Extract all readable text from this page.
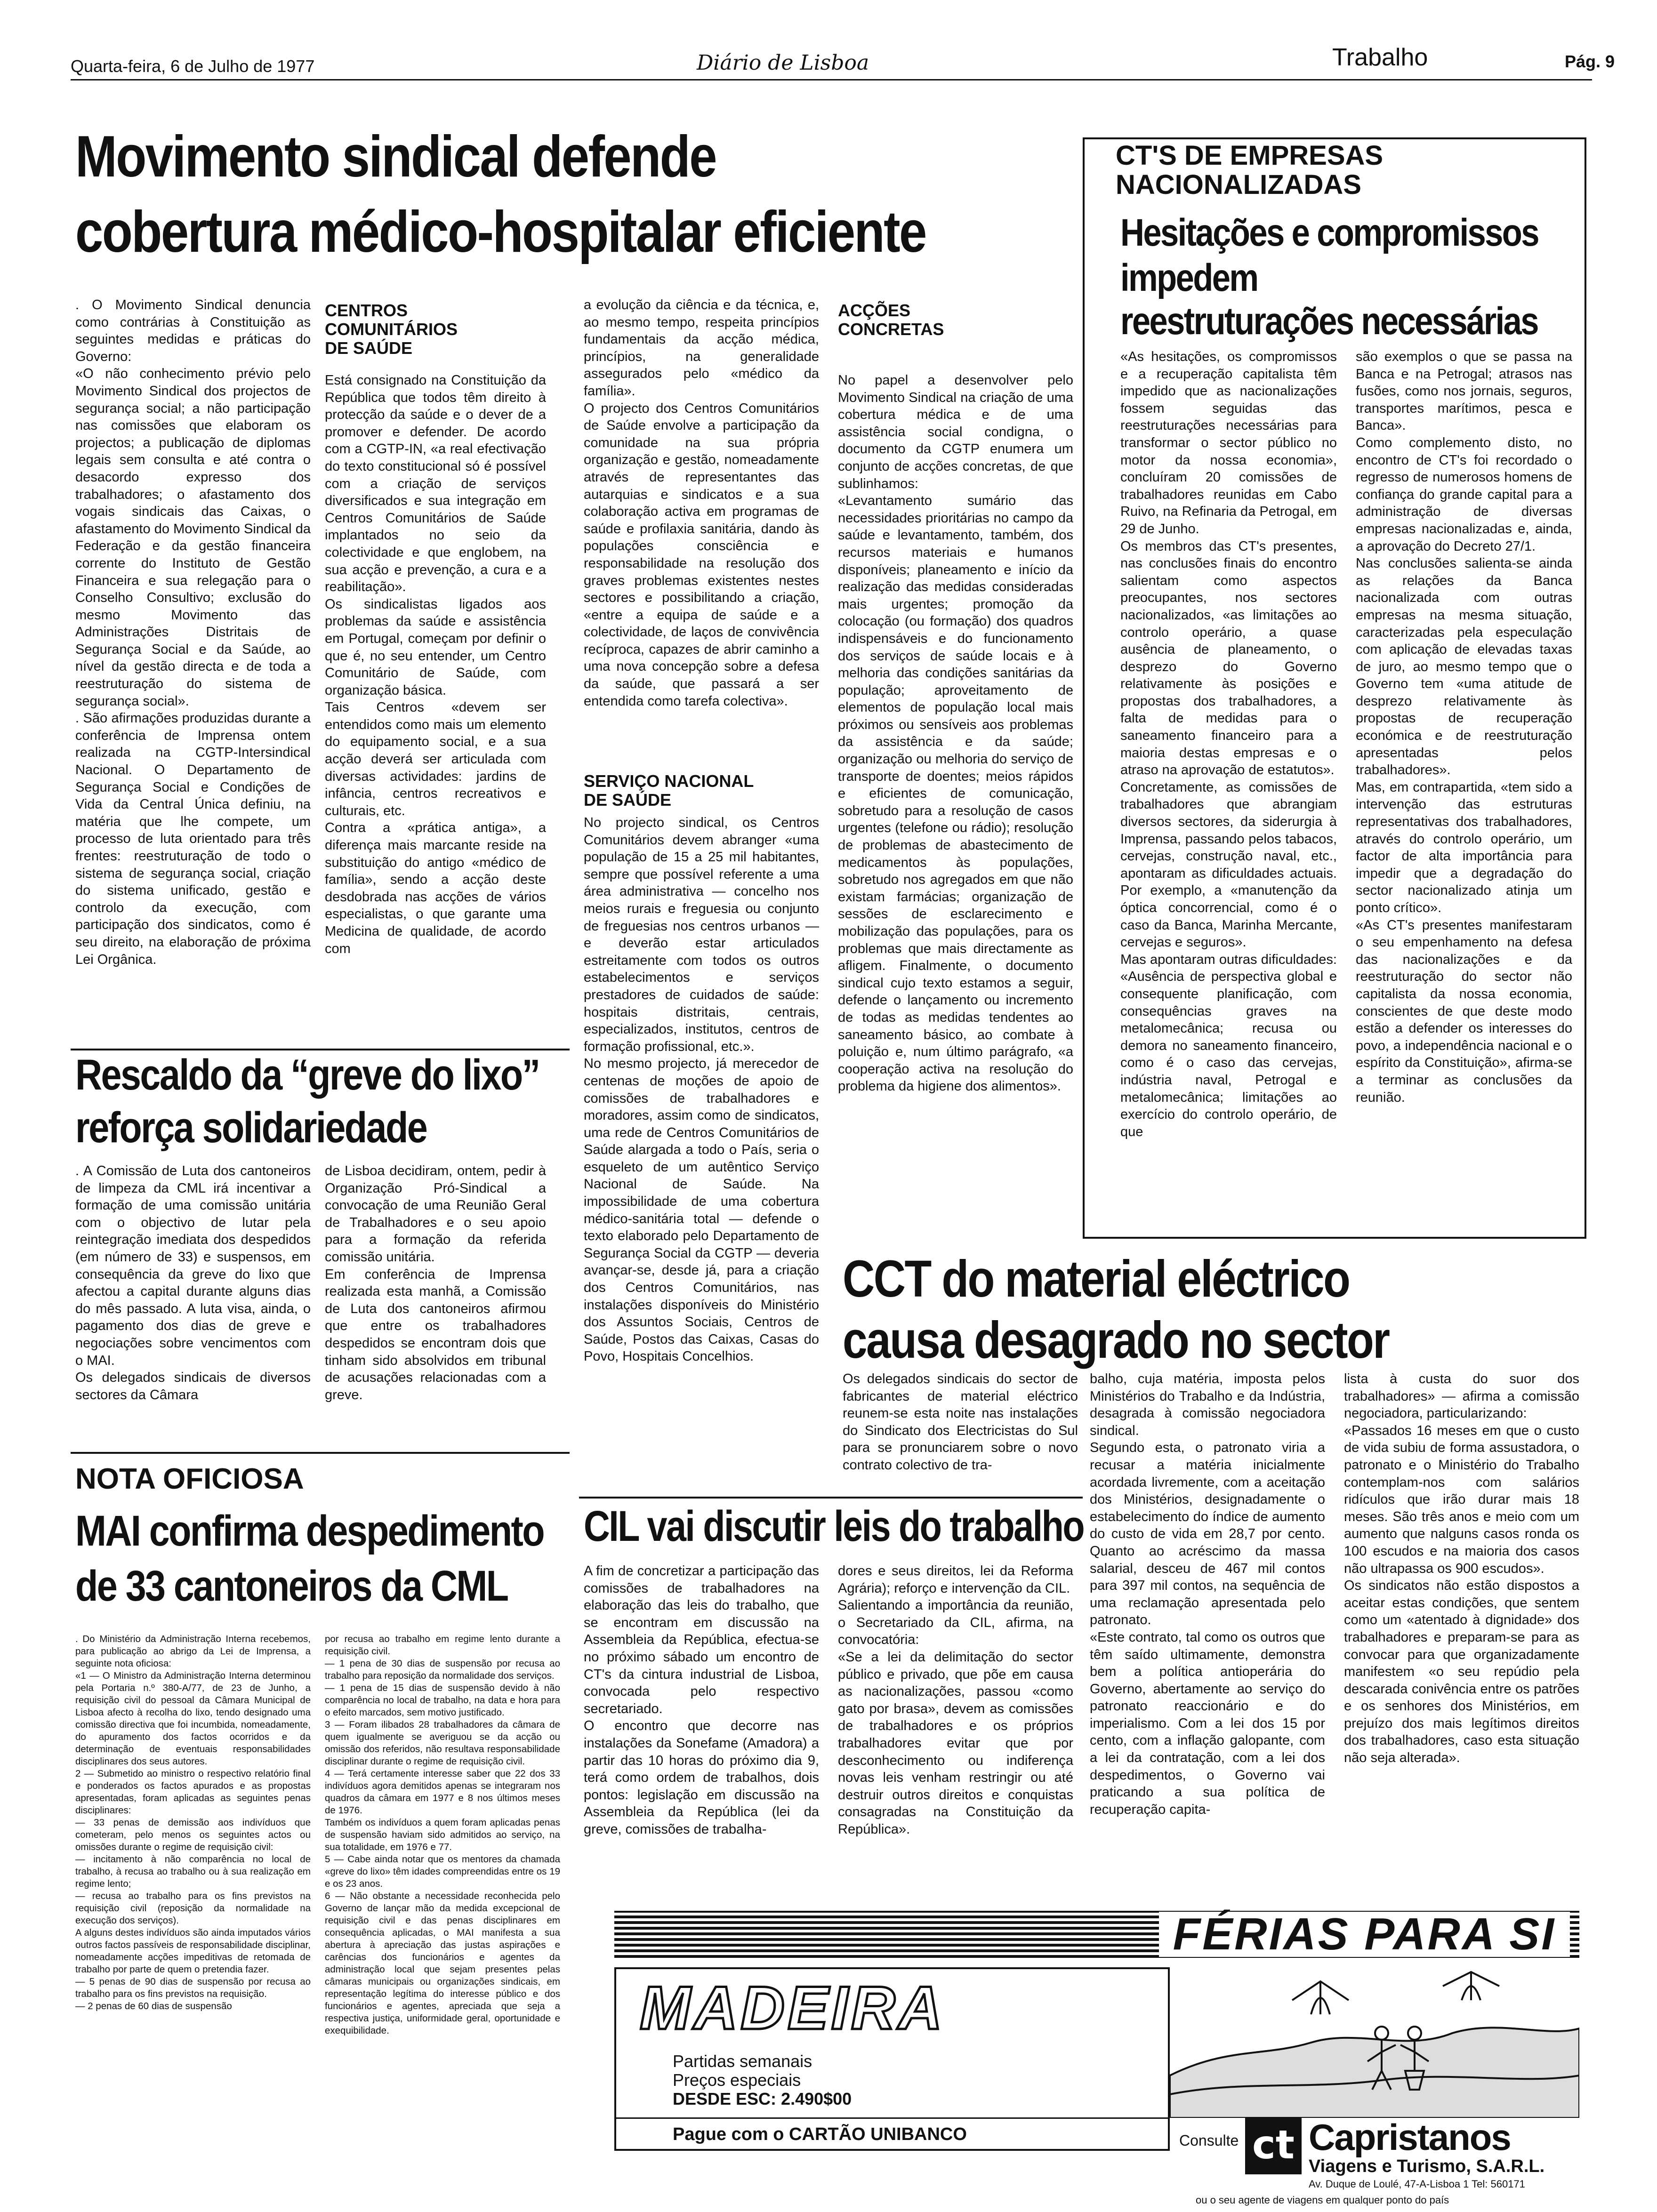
Quarta-feira, 6 de Julho de 1977	Diário de Lisboa	Trabalho	Pág. 9
Movimento sindical defende
cobertura médico-hospitalar eficiente
. O Movimento Sindical denuncia como contrárias à Constituição as seguintes medidas e práticas do Governo:
«O não conhecimento prévio pelo Movimento Sindical dos projectos de segurança social; a não participação nas comissões que elaboram os projectos; a publicação de diplomas legais sem consulta e até contra o desacordo expresso dos trabalhadores; o afastamento dos vogais sindicais das Caixas, o afastamento do Movimento Sindical da Federação e da gestão financeira corrente do Instituto de Gestão Financeira e sua relegação para o Conselho Consultivo; exclusão do mesmo Movimento das Administrações Distritais de Segurança Social e da Saúde, ao nível da gestão directa e de toda a reestruturação do sistema de segurança social».
. São afirmações produzidas durante a conferência de Imprensa ontem realizada na CGTP-Intersindical Nacional. O Departamento de Segurança Social e Condições de Vida da Central Única definiu, na matéria que lhe compete, um processo de luta orientado para três frentes: reestruturação de todo o sistema de segurança social, criação do sistema unificado, gestão e controlo da execução, com participação dos sindicatos, como é seu direito, na elaboração de próxima Lei Orgânica.
CENTROS
COMUNITÁRIOS
DE SAÚDE
Está consignado na Constituição da República que todos têm direito à protecção da saúde e o dever de a promover e defender. De acordo com a CGTP-IN, «a real efectivação do texto constitucional só é possível com a criação de serviços diversificados e sua integração em Centros Comunitários de Saúde implantados no seio da colectividade e que englobem, na sua acção e prevenção, a cura e a reabilitação».
Os sindicalistas ligados aos problemas da saúde e assistência em Portugal, começam por definir o que é, no seu entender, um Centro Comunitário de Saúde, com organização básica.
Tais Centros «devem ser entendidos como mais um elemento do equipamento social, e a sua acção deverá ser articulada com diversas actividades: jardins de infância, centros recreativos e culturais, etc.
Contra a «prática antiga», a diferença mais marcante reside na substituição do antigo «médico de família», sendo a acção deste desdobrada nas acções de vários especialistas, o que garante uma Medicina de qualidade, de acordo com
a evolução da ciência e da técnica, e, ao mesmo tempo, respeita princípios fundamentais da acção médica, princípios, na generalidade assegurados pelo «médico da família».
O projecto dos Centros Comunitários de Saúde envolve a participação da comunidade na sua própria organização e gestão, nomeadamente através de representantes das autarquias e sindicatos e a sua colaboração activa em programas de saúde e profilaxia sanitária, dando às populações consciência e responsabilidade na resolução dos graves problemas existentes nestes sectores e possibilitando a criação, «entre a equipa de saúde e a colectividade, de laços de convivência recíproca, capazes de abrir caminho a uma nova concepção sobre a defesa da saúde, que passará a ser entendida como tarefa colectiva».
SERVIÇO NACIONAL
DE SAÚDE
No projecto sindical, os Centros Comunitários devem abranger «uma população de 15 a 25 mil habitantes, sempre que possível referente a uma área administrativa — concelho nos meios rurais e freguesia ou conjunto de freguesias nos centros urbanos — e deverão estar articulados estreitamente com todos os outros estabelecimentos e serviços prestadores de cuidados de saúde: hospitais distritais, centrais, especializados, institutos, centros de formação profissional, etc.».
No mesmo projecto, já merecedor de centenas de moções de apoio de comissões de trabalhadores e moradores, assim como de sindicatos, uma rede de Centros Comunitários de Saúde alargada a todo o País, seria o esqueleto de um autêntico Serviço Nacional de Saúde. Na impossibilidade de uma cobertura médico-sanitária total — defende o texto elaborado pelo Departamento de Segurança Social da CGTP — deveria avançar-se, desde já, para a criação dos Centros Comunitários, nas instalações disponíveis do Ministério dos Assuntos Sociais, Centros de Saúde, Postos das Caixas, Casas do Povo, Hospitais Concelhios.
ACÇÕES
CONCRETAS
No papel a desenvolver pelo Movimento Sindical na criação de uma cobertura médica e de uma assistência social condigna, o documento da CGTP enumera um conjunto de acções concretas, de que sublinhamos:
«Levantamento sumário das necessidades prioritárias no campo da saúde e levantamento, também, dos recursos materiais e humanos disponíveis; planeamento e início da realização das medidas consideradas mais urgentes; promoção da colocação (ou formação) dos quadros indispensáveis e do funcionamento dos serviços de saúde locais e à melhoria das condições sanitárias da população; aproveitamento de elementos de população local mais próximos ou sensíveis aos problemas da assistência e da saúde; organização ou melhoria do serviço de transporte de doentes; meios rápidos e eficientes de comunicação, sobretudo para a resolução de casos urgentes (telefone ou rádio); resolução de problemas de abastecimento de medicamentos às populações, sobretudo nos agregados em que não existam farmácias; organização de sessões de esclarecimento e mobilização das populações, para os problemas que mais directamente as afligem. Finalmente, o documento sindical cujo texto estamos a seguir, defende o lançamento ou incremento de todas as medidas tendentes ao saneamento básico, ao combate à poluição e, num último parágrafo, «a cooperação activa na resolução do problema da higiene dos alimentos».
CT'S DE EMPRESAS
NACIONALIZADAS
Hesitações e compromissos
impedem
reestruturações necessárias
«As hesitações, os compromissos e a recuperação capitalista têm impedido que as nacionalizações fossem seguidas das reestruturações necessárias para transformar o sector público no motor da nossa economia», concluíram 20 comissões de trabalhadores reunidas em Cabo Ruivo, na Refinaria da Petrogal, em 29 de Junho.
Os membros das CT's presentes, nas conclusões finais do encontro salientam como aspectos preocupantes, nos sectores nacionalizados, «as limitações ao controlo operário, a quase ausência de planeamento, o desprezo do Governo relativamente às posições e propostas dos trabalhadores, a falta de medidas para o saneamento financeiro para a maioria destas empresas e o atraso na aprovação de estatutos».
Concretamente, as comissões de trabalhadores que abrangiam diversos sectores, da siderurgia à Imprensa, passando pelos tabacos, cervejas, construção naval, etc., apontaram as dificuldades actuais. Por exemplo, a «manutenção da óptica concorrencial, como é o caso da Banca, Marinha Mercante, cervejas e seguros».
Mas apontaram outras dificuldades: «Ausência de perspectiva global e consequente planificação, com consequências graves na metalomecânica; recusa ou demora no saneamento financeiro, como é o caso das cervejas, indústria naval, Petrogal e metalomecânica; limitações ao exercício do controlo operário, de que
são exemplos o que se passa na Banca e na Petrogal; atrasos nas fusões, como nos jornais, seguros, transportes marítimos, pesca e Banca».
Como complemento disto, no encontro de CT's foi recordado o regresso de numerosos homens de confiança do grande capital para a administração de diversas empresas nacionalizadas e, ainda, a aprovação do Decreto 27/1.
Nas conclusões salienta-se ainda as relações da Banca nacionalizada com outras empresas na mesma situação, caracterizadas pela especulação com aplicação de elevadas taxas de juro, ao mesmo tempo que o Governo tem «uma atitude de desprezo relativamente às propostas de recuperação económica e de reestruturação apresentadas pelos trabalhadores».
Mas, em contrapartida, «tem sido a intervenção das estruturas representativas dos trabalhadores, através do controlo operário, um factor de alta importância para impedir que a degradação do sector nacionalizado atinja um ponto crítico».
«As CT's presentes manifestaram o seu empenhamento na defesa das nacionalizações e da reestruturação do sector não capitalista da nossa economia, conscientes de que deste modo estão a defender os interesses do povo, a independência nacional e o espírito da Constituição», afirma-se a terminar as conclusões da reunião.
Rescaldo da “greve do lixo”
reforça solidariedade
. A Comissão de Luta dos cantoneiros de limpeza da CML irá incentivar a formação de uma comissão unitária com o objectivo de lutar pela reintegração imediata dos despedidos (em número de 33) e suspensos, em consequência da greve do lixo que afectou a capital durante alguns dias do mês passado. A luta visa, ainda, o pagamento dos dias de greve e negociações sobre vencimentos com o MAI.
Os delegados sindicais de diversos sectores da Câmara
de Lisboa decidiram, ontem, pedir à Organização Pró-Sindical a convocação de uma Reunião Geral de Trabalhadores e o seu apoio para a formação da referida comissão unitária.
Em conferência de Imprensa realizada esta manhã, a Comissão de Luta dos cantoneiros afirmou que entre os trabalhadores despedidos se encontram dois que tinham sido absolvidos em tribunal de acusações relacionadas com a greve.
NOTA OFICIOSA
MAI confirma despedimento
de 33 cantoneiros da CML
. Do Ministério da Administração Interna recebemos, para publicação ao abrigo da Lei de Imprensa, a seguinte nota oficiosa:
«1 — O Ministro da Administração Interna determinou pela Portaria n.º 380-A/77, de 23 de Junho, a requisição civil do pessoal da Câmara Municipal de Lisboa afecto à recolha do lixo, tendo designado uma comissão directiva que foi incumbida, nomeadamente, do apuramento dos factos ocorridos e da determinação de eventuais responsabilidades disciplinares dos seus autores.
2 — Submetido ao ministro o respectivo relatório final e ponderados os factos apurados e as propostas apresentadas, foram aplicadas as seguintes penas disciplinares:
— 33 penas de demissão aos indivíduos que cometeram, pelo menos os seguintes actos ou omissões durante o regime de requisição civil:
— incitamento à não comparência no local de trabalho, à recusa ao trabalho ou à sua realização em regime lento;
— recusa ao trabalho para os fins previstos na requisição civil (reposição da normalidade na execução dos serviços).
A alguns destes indivíduos são ainda imputados vários outros factos passíveis de responsabilidade disciplinar, nomeadamente acções impeditivas de retomada de trabalho por parte de quem o pretendia fazer.
— 5 penas de 90 dias de suspensão por recusa ao trabalho para os fins previstos na requisição.
— 2 penas de 60 dias de suspensão
por recusa ao trabalho em regime lento durante a requisição civil.
— 1 pena de 30 dias de suspensão por recusa ao trabalho para reposição da normalidade dos serviços.
— 1 pena de 15 dias de suspensão devido à não comparência no local de trabalho, na data e hora para o efeito marcados, sem motivo justificado.
3 — Foram ilibados 28 trabalhadores da câmara de quem igualmente se averiguou se da acção ou omissão dos referidos, não resultava responsabilidade disciplinar durante o regime de requisição civil.
4 — Terá certamente interesse saber que 22 dos 33 indivíduos agora demitidos apenas se integraram nos quadros da câmara em 1977 e 8 nos últimos meses de 1976.
Também os indivíduos a quem foram aplicadas penas de suspensão haviam sido admitidos ao serviço, na sua totalidade, em 1976 e 77.
5 — Cabe ainda notar que os mentores da chamada «greve do lixo» têm idades compreendidas entre os 19 e os 23 anos.
6 — Não obstante a necessidade reconhecida pelo Governo de lançar mão da medida excepcional de requisição civil e das penas disciplinares em consequência aplicadas, o MAI manifesta a sua abertura à apreciação das justas aspirações e carências dos funcionários e agentes da administração local que sejam presentes pelas câmaras municipais ou organizações sindicais, em representação legítima do interesse público e dos funcionários e agentes, apreciada que seja a respectiva justiça, uniformidade geral, oportunidade e exequibilidade.
CCT do material eléctrico
causa desagrado no sector
Os delegados sindicais do sector de fabricantes de material eléctrico reunem-se esta noite nas instalações do Sindicato dos Electricistas do Sul para se pronunciarem sobre o novo contrato colectivo de tra-
balho, cuja matéria, imposta pelos Ministérios do Trabalho e da Indústria, desagrada à comissão negociadora sindical.
Segundo esta, o patronato viria a recusar a matéria inicialmente acordada livremente, com a aceitação dos Ministérios, designadamente o estabelecimento do índice de aumento do custo de vida em 28,7 por cento. Quanto ao acréscimo da massa salarial, desceu de 467 mil contos para 397 mil contos, na sequência de uma reclamação apresentada pelo patronato.
«Este contrato, tal como os outros que têm saído ultimamente, demonstra bem a política antioperária do Governo, abertamente ao serviço do patronato reaccionário e do imperialismo. Com a lei dos 15 por cento, com a inflação galopante, com a lei da contratação, com a lei dos despedimentos, o Governo vai praticando a sua política de recuperação capita-
lista à custa do suor dos trabalhadores» — afirma a comissão negociadora, particularizando:
«Passados 16 meses em que o custo de vida subiu de forma assustadora, o patronato e o Ministério do Trabalho contemplam-nos com salários ridículos que irão durar mais 18 meses. São três anos e meio com um aumento que nalguns casos ronda os 100 escudos e na maioria dos casos não ultrapassa os 900 escudos».
Os sindicatos não estão dispostos a aceitar estas condições, que sentem como um «atentado à dignidade» dos trabalhadores e preparam-se para as convocar para que organizadamente manifestem «o seu repúdio pela descarada conivência entre os patrões e os senhores dos Ministérios, em prejuízo dos mais legítimos direitos dos trabalhadores, caso esta situação não seja alterada».
CIL vai discutir leis do trabalho
A fim de concretizar a participação das comissões de trabalhadores na elaboração das leis do trabalho, que se encontram em discussão na Assembleia da República, efectua-se no próximo sábado um encontro de CT's da cintura industrial de Lisboa, convocada pelo respectivo secretariado.
O encontro que decorre nas instalações da Sonefame (Amadora) a partir das 10 horas do próximo dia 9, terá como ordem de trabalhos, dois pontos: legislação em discussão na Assembleia da República (lei da greve, comissões de trabalha-
dores e seus direitos, lei da Reforma Agrária); reforço e intervenção da CIL.
Salientando a importância da reunião, o Secretariado da CIL, afirma, na convocatória:
«Se a lei da delimitação do sector público e privado, que põe em causa as nacionalizações, passou «como gato por brasa», devem as comissões de trabalhadores e os próprios trabalhadores evitar que por desconhecimento ou indiferença novas leis venham restringir ou até destruir outros direitos e conquistas consagradas na Constituição da República».
FÉRIAS PARA SI
MADEIRA
Partidas semanais
Preços especiais
DESDE ESC: 2.490$00
Pague com o CARTÃO UNIBANCO	Consulte ct Capristanos
Viagens e Turismo, S.A.R.L.
Av. Duque de Loulé, 47-A-Lisboa 1 Tel: 560171
ou o seu agente de viagens em qualquer ponto do país
